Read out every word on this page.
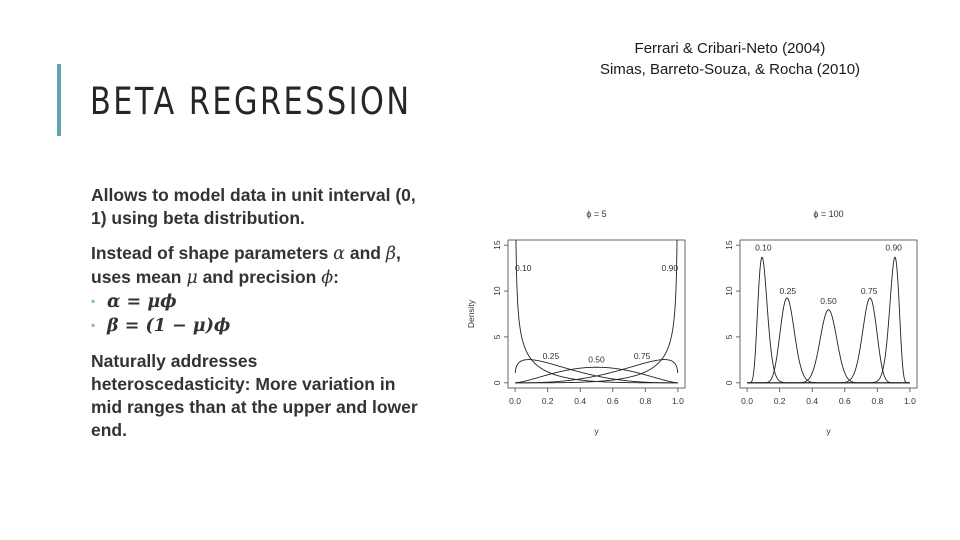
BETA REGRESSION
Ferrari & Cribari-Neto (2004)
Simas, Barreto-Souza, & Rocha (2010)

Allows to model data in unit interval (0, 1) using beta distribution.

Instead of shape parameters α and β, uses mean μ and precision ϕ:

▪ α = μϕ
▪ β = (1 − μ)ϕ

Naturally addresses heteroscedasticity: More variation in mid ranges than at the upper and lower end.

ϕ = 5
0.0 0.2 0.4 0.6 0.8 1.0
0
5
10
15
y
Density
0.10
0.25	0.50	0.75
0.90
ϕ = 100
0.0 0.2 0.4 0.6 0.8 1.0
0
5
10
15
y
0.10
0.25
0.50
0.75
0.90
